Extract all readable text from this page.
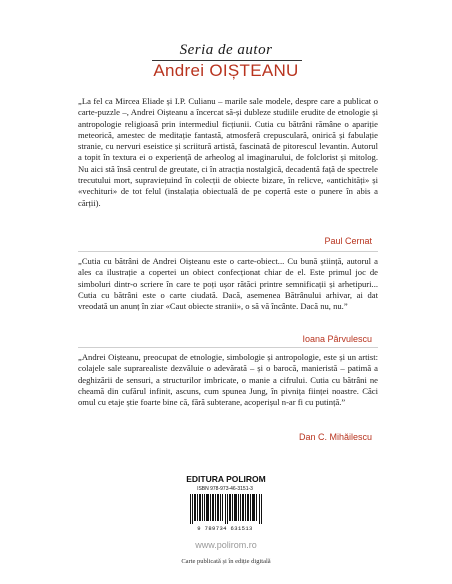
Seria de autor
Andrei OIȘTEANU

„La fel ca Mircea Eliade și I.P. Culianu – marile sale modele, despre care a publicat o carte-puzzle –, Andrei Oișteanu a încercat să-și dubleze studiile erudite de etnologie și antropologie religioasă prin intermediul ficțiunii. Cutia cu bătrâni rămâne o apariție meteorică, amestec de meditație fantastă, atmosferă crepusculară, onirică și fabulație stranie, cu nervuri eseistice și scriitură artistă, fascinată de pitorescul levantin. Autorul a topit în textura ei o experiență de arheolog al imaginarului, de folclorist și mitolog. Nu aici stă însă centrul de greutate, ci în atracția nostalgică, decadentă față de spectrele trecutului mort, supraviețuind în colecții de obiecte bizare, în relicve, «antichități» și «vechituri» de tot felul (instalația obiectuală de pe copertă este o punere în abis a cărții).

Paul Cernat

„Cutia cu bătrâni de Andrei Oișteanu este o carte-obiect... Cu bună știință, autorul a ales ca ilustrație a copertei un obiect confecționat chiar de el. Este primul joc de simboluri dintr-o scriere în care te poți ușor rătăci printre semnificații și arhetipuri... Cutia cu bătrâni este o carte ciudată. Dacă, asemenea Bătrânului arhivar, ai dat vreodată un anunț în ziar «Caut obiecte stranii», o să vă încânte. Dacă nu, nu.”

Ioana Pârvulescu

„Andrei Oișteanu, preocupat de etnologie, simbologie și antropologie, este și un artist: colajele sale suprarealiste dezvăluie o adevărată – și o barocă, manieristă – patimă a deghizării de sensuri, a structurilor imbricate, o manie a cifrului. Cutia cu bătrâni ne cheamă din cufărul infinit, ascuns, cum spunea Jung, în pivnița ființei noastre. Căci omul cu etaje știe foarte bine că, fără subterane, acoperișul n-ar fi cu putință.”

Dan C. Mihăilescu
EDITURA POLIROM
ISBN 978-973-46-3151-3
9 789734 631513
www.polirom.ro
Carte publicată și în ediție digitală
